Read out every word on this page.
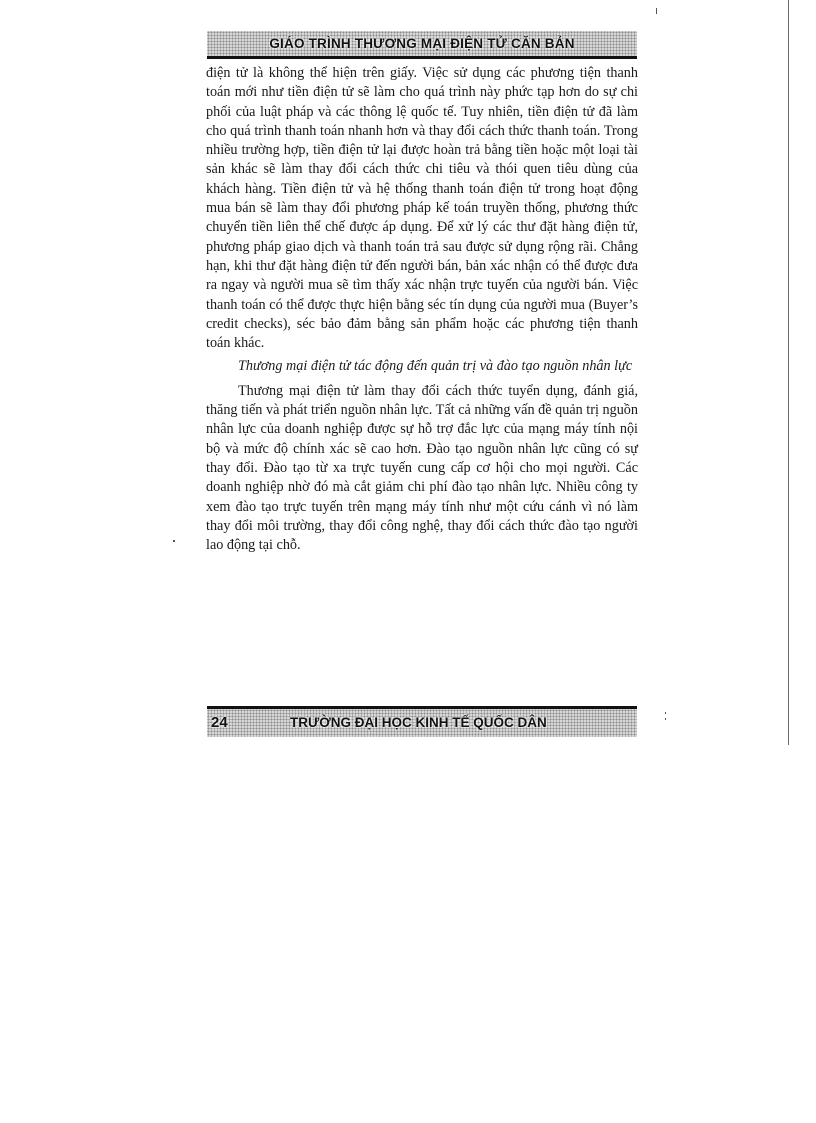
GIÁO TRÌNH THƯƠNG MẠI ĐIỆN TỬ CĂN BẢN

điện tử là không thể hiện trên giấy. Việc sử dụng các phương tiện thanh toán mới như tiền điện tử sẽ làm cho quá trình này phức tạp hơn do sự chi phối của luật pháp và các thông lệ quốc tế. Tuy nhiên, tiền điện tử đã làm cho quá trình thanh toán nhanh hơn và thay đổi cách thức thanh toán. Trong nhiều trường hợp, tiền điện tử lại được hoàn trả bằng tiền hoặc một loại tài sản khác sẽ làm thay đổi cách thức chi tiêu và thói quen tiêu dùng của khách hàng. Tiền điện tử và hệ thống thanh toán điện tử trong hoạt động mua bán sẽ làm thay đổi phương pháp kế toán truyền thống, phương thức chuyển tiền liên thể chế được áp dụng. Để xử lý các thư đặt hàng điện tử, phương pháp giao dịch và thanh toán trả sau được sử dụng rộng rãi. Chẳng hạn, khi thư đặt hàng điện tử đến người bán, bản xác nhận có thể được đưa ra ngay và người mua sẽ tìm thấy xác nhận trực tuyến của người bán. Việc thanh toán có thể được thực hiện bằng séc tín dụng của người mua (Buyer’s credit checks), séc bảo đảm bằng sản phẩm hoặc các phương tiện thanh toán khác.

Thương mại điện tử tác động đến quản trị và đào tạo nguồn nhân lực

Thương mại điện tử làm thay đổi cách thức tuyển dụng, đánh giá, thăng tiến và phát triển nguồn nhân lực. Tất cả những vấn đề quản trị nguồn nhân lực của doanh nghiệp được sự hỗ trợ đắc lực của mạng máy tính nội bộ và mức độ chính xác sẽ cao hơn. Đào tạo nguồn nhân lực cũng có sự thay đổi. Đào tạo từ xa trực tuyến cung cấp cơ hội cho mọi người. Các doanh nghiệp nhờ đó mà cắt giảm chi phí đào tạo nhân lực. Nhiều công ty xem đào tạo trực tuyến trên mạng máy tính như một cứu cánh vì nó làm thay đổi môi trường, thay đổi công nghệ, thay đổi cách thức đào tạo người lao động tại chỗ.

24	TRƯỜNG ĐẠI HỌC KINH TẾ QUỐC DÂN
